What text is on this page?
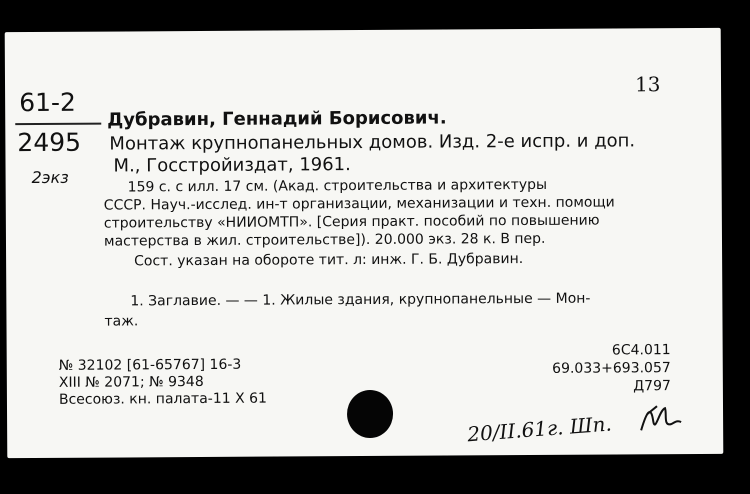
13
61-2
2495
2экз
Дубравин, Геннадий Борисович.
Монтаж крупнопанельных домов. Изд. 2-е испр. и доп.
М., Госстройиздат, 1961.
159 с. с илл. 17 см. (Акад. строительства и архитектуры
СССР. Науч.-исслед. ин-т организации, механизации и техн. помощи
строительству «НИИОМТП». [Серия практ. пособий по повышению
мастерства в жил. строительстве]). 20.000 экз. 28 к. В пер.
Сост. указан на обороте тит. л: инж. Г. Б. Дубравин.
1. Заглавие. — — 1. Жилые здания, крупнопанельные — Мон-
таж.
№ 32102 [61-65767] 16-3
XIII № 2071; № 9348
Всесоюз. кн. палата-11 X 61
6С4.011
69.033+693.057
Д797
20/II.61г. Шп.
